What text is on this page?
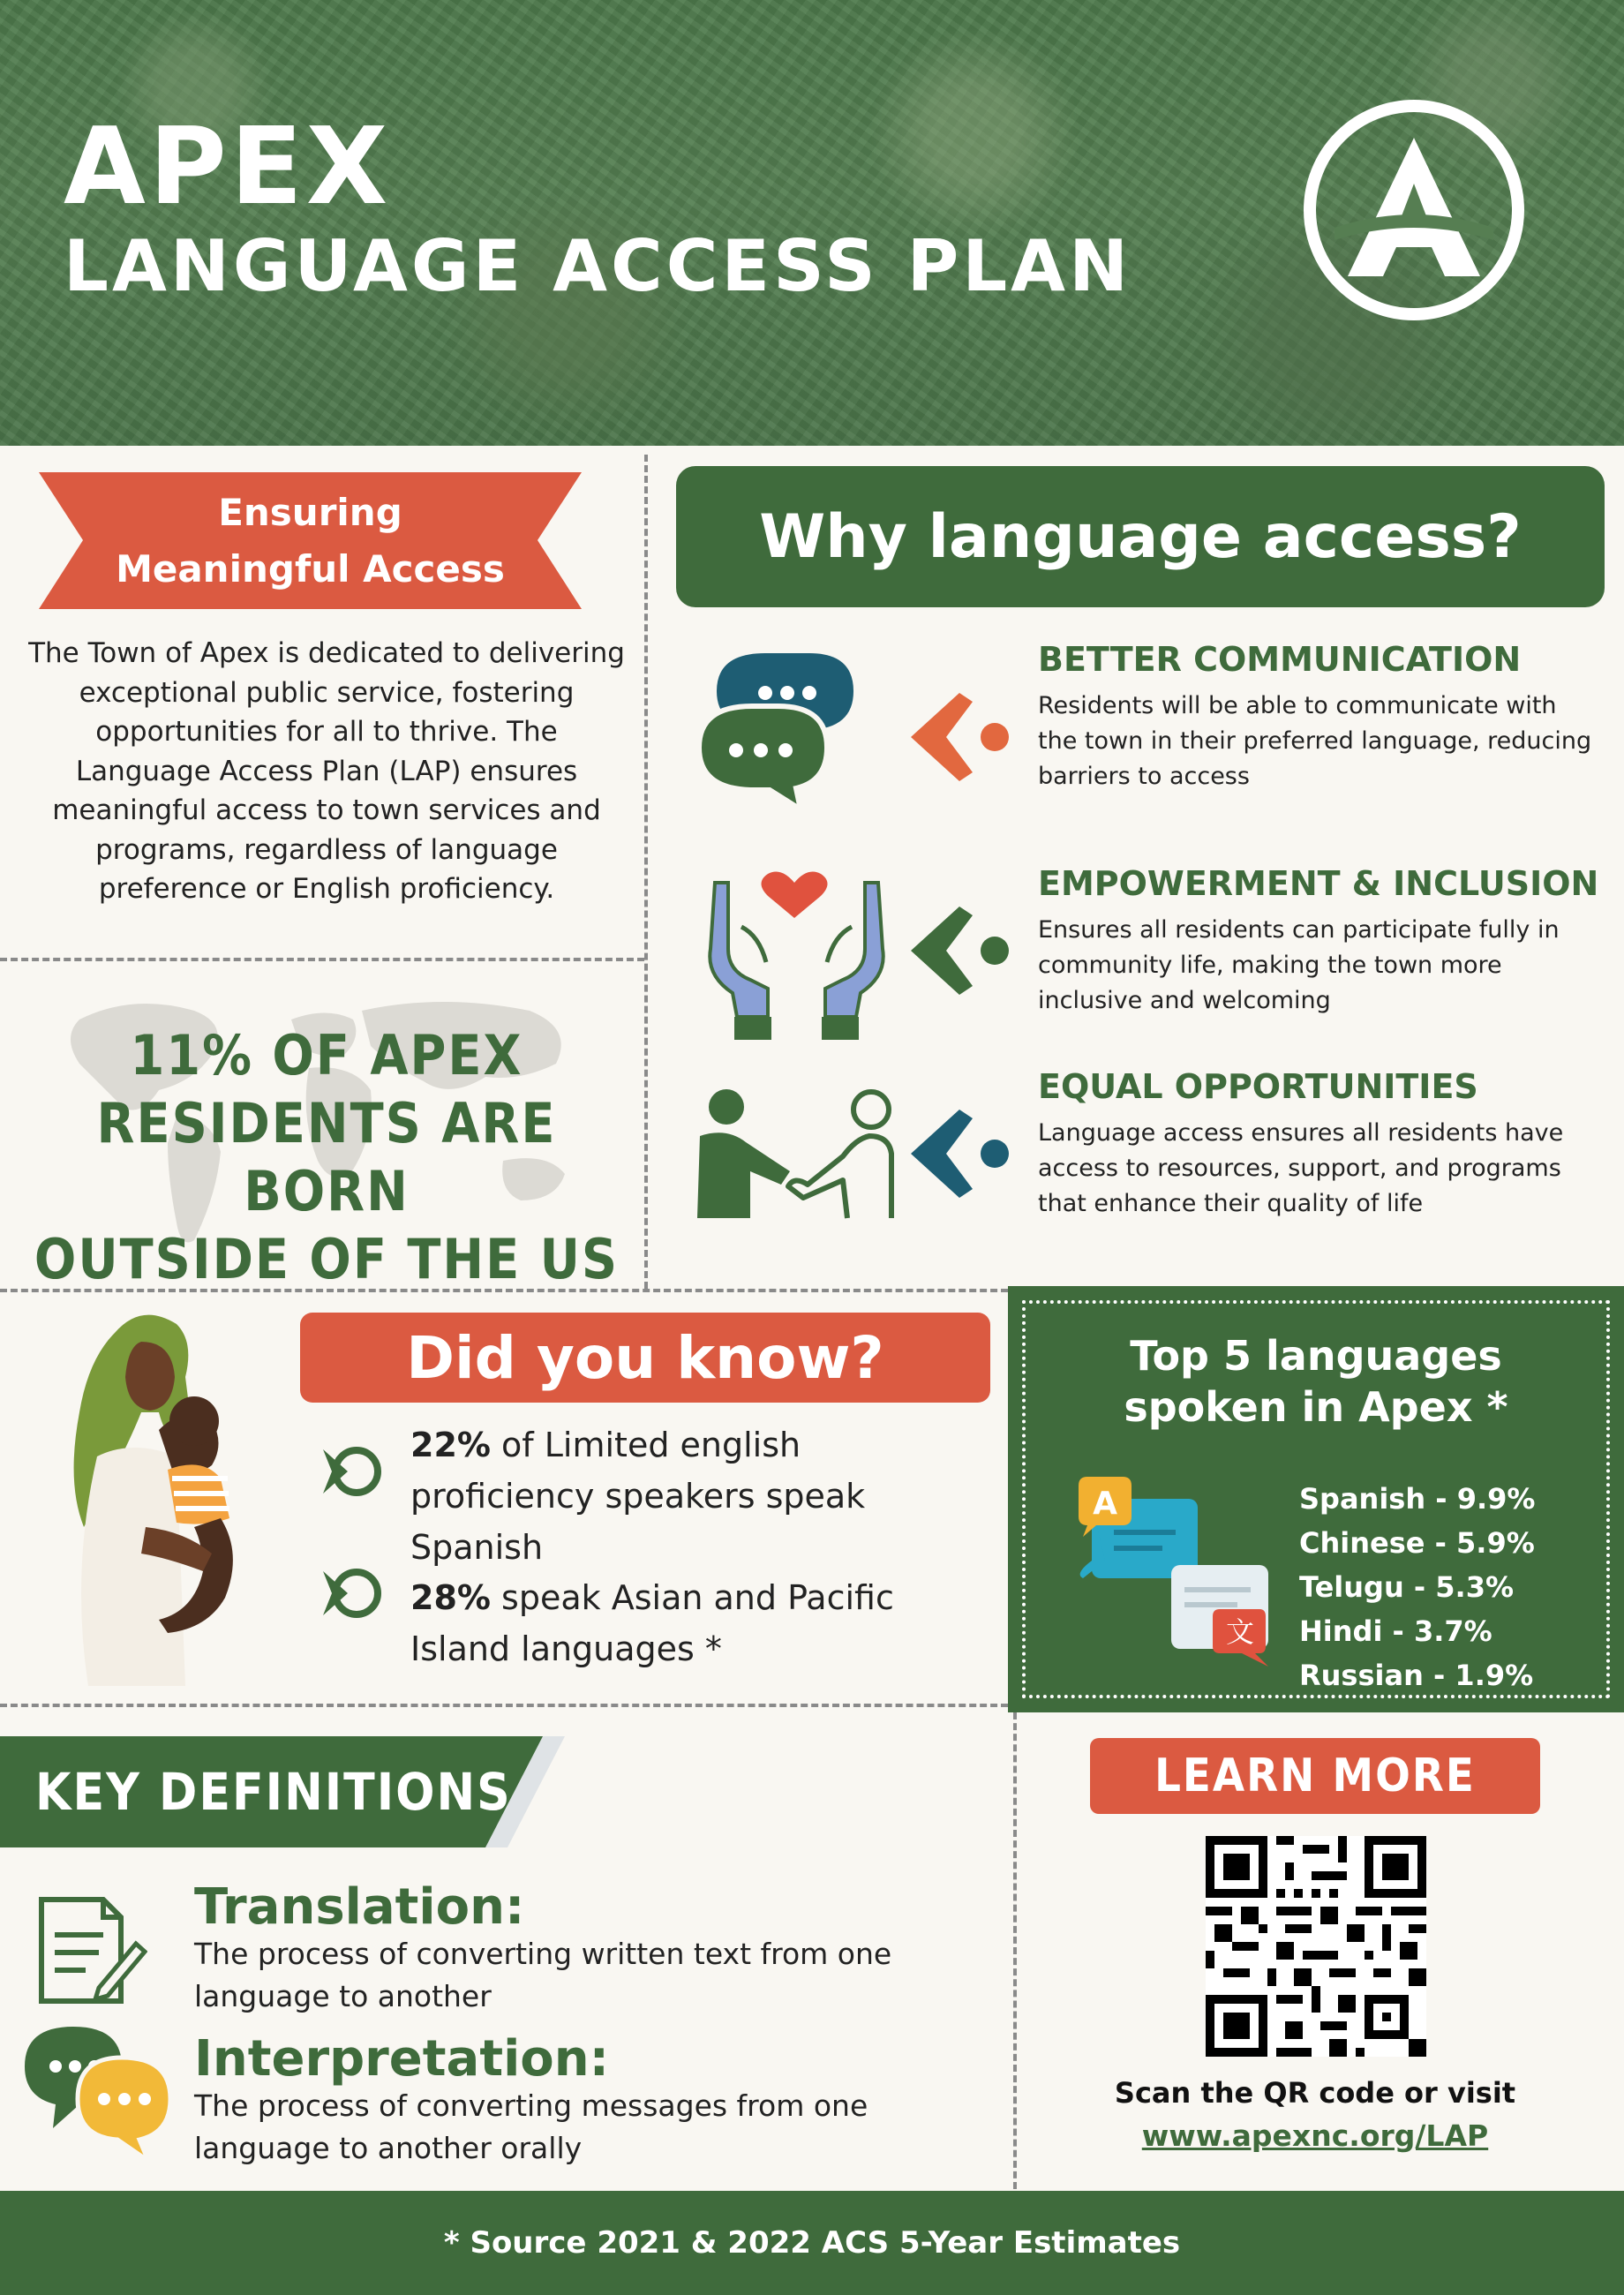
APEX
LANGUAGE ACCESS PLAN
Ensuring
Meaningful Access
The Town of Apex is dedicated to delivering exceptional public service, fostering opportunities for all to thrive. The Language Access Plan (LAP) ensures meaningful access to town services and programs, regardless of language preference or English proficiency.
11% OF APEX
RESIDENTS ARE BORN
OUTSIDE OF THE US
Why language access?
BETTER COMMUNICATION
Residents will be able to communicate with the town in their preferred language, reducing barriers to access
EMPOWERMENT & INCLUSION
Ensures all residents can participate fully in community life, making the town more inclusive and welcoming
EQUAL OPPORTUNITIES
Language access ensures all residents have access to resources, support, and programs that enhance their quality of life
Did you know?
22% of Limited english proficiency speakers speak Spanish
28% speak Asian and Pacific Island languages *
Top 5 languages
spoken in Apex *
A
文
Spanish - 9.9%
Chinese - 5.9%
Telugu - 5.3%
Hindi - 3.7%
Russian - 1.9%
KEY DEFINITIONS
Translation:
The process of converting written text from one language to another
Interpretation:
The process of converting messages from one language to another orally
LEARN MORE
Scan the QR code or visit
www.apexnc.org/LAP
* Source 2021 & 2022 ACS 5-Year Estimates
